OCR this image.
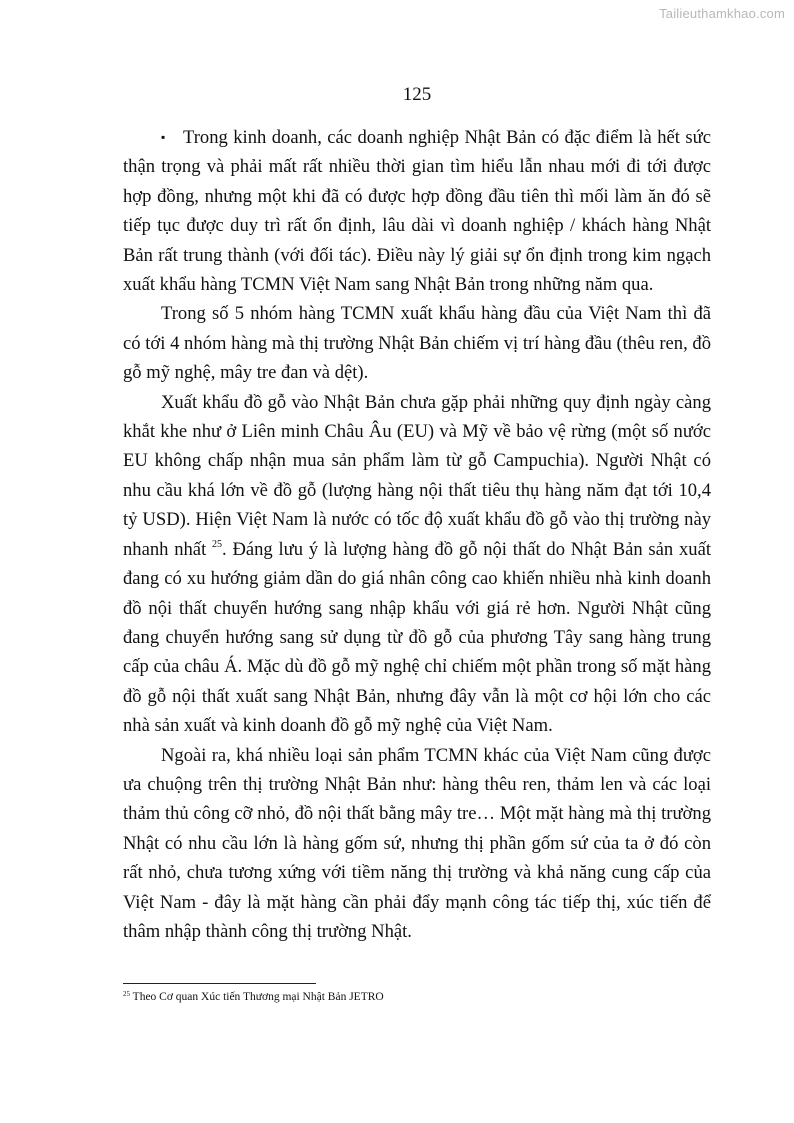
Tailieuthamkhao.com
125

▪ Trong kinh doanh, các doanh nghiệp Nhật Bản có đặc điểm là hết sức thận trọng và phải mất rất nhiều thời gian tìm hiểu lẫn nhau mới đi tới được hợp đồng, nhưng một khi đã có được hợp đồng đầu tiên thì mối làm ăn đó sẽ tiếp tục được duy trì rất ổn định, lâu dài vì doanh nghiệp / khách hàng Nhật Bản rất trung thành (với đối tác). Điều này lý giải sự ổn định trong kim ngạch xuất khẩu hàng TCMN Việt Nam sang Nhật Bản trong những năm qua.

Trong số 5 nhóm hàng TCMN xuất khẩu hàng đầu của Việt Nam thì đã có tới 4 nhóm hàng mà thị trường Nhật Bản chiếm vị trí hàng đầu (thêu ren, đồ gỗ mỹ nghệ, mây tre đan và dệt).

Xuất khẩu đồ gỗ vào Nhật Bản chưa gặp phải những quy định ngày càng khắt khe như ở Liên minh Châu Âu (EU) và Mỹ về bảo vệ rừng (một số nước EU không chấp nhận mua sản phẩm làm từ gỗ Campuchia). Người Nhật có nhu cầu khá lớn về đồ gỗ (lượng hàng nội thất tiêu thụ hàng năm đạt tới 10,4 tỷ USD). Hiện Việt Nam là nước có tốc độ xuất khẩu đồ gỗ vào thị trường này nhanh nhất $^{25}$. Đáng lưu ý là lượng hàng đồ gỗ nội thất do Nhật Bản sản xuất đang có xu hướng giảm dần do giá nhân công cao khiến nhiều nhà kinh doanh đồ nội thất chuyển hướng sang nhập khẩu với giá rẻ hơn. Người Nhật cũng đang chuyển hướng sang sử dụng từ đồ gỗ của phương Tây sang hàng trung cấp của châu Á. Mặc dù đồ gỗ mỹ nghệ chỉ chiếm một phần trong số mặt hàng đồ gỗ nội thất xuất sang Nhật Bản, nhưng đây vẫn là một cơ hội lớn cho các nhà sản xuất và kinh doanh đồ gỗ mỹ nghệ của Việt Nam.

Ngoài ra, khá nhiều loại sản phẩm TCMN khác của Việt Nam cũng được ưa chuộng trên thị trường Nhật Bản như: hàng thêu ren, thảm len và các loại thảm thủ công cỡ nhỏ, đồ nội thất bằng mây tre… Một mặt hàng mà thị trường Nhật có nhu cầu lớn là hàng gốm sứ, nhưng thị phần gốm sứ của ta ở đó còn rất nhỏ, chưa tương xứng với tiềm năng thị trường và khả năng cung cấp của Việt Nam - đây là mặt hàng cần phải đẩy mạnh công tác tiếp thị, xúc tiến để thâm nhập thành công thị trường Nhật.

$^{25}$ Theo Cơ quan Xúc tiến Thương mại Nhật Bản JETRO
